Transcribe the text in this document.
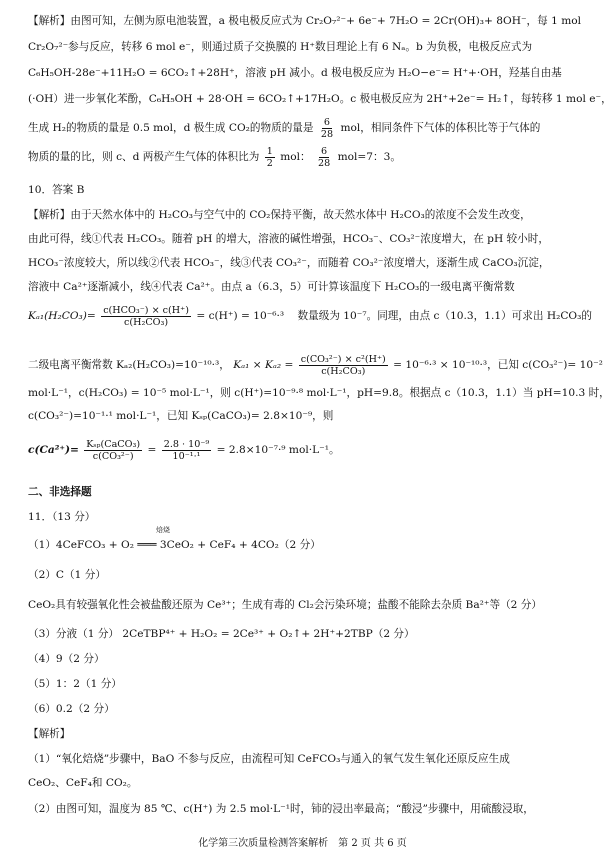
【解析】由图可知，左侧为原电池装置，a 极电极反应式为 Cr₂O₇²⁻+ 6e⁻+ 7H₂O = 2Cr(OH)₃+ 8OH⁻，每 1 mol
Cr₂O₇²⁻参与反应，转移 6 mol e⁻，则通过质子交换膜的 H⁺数目理论上有 6 Nₐ。b 为负极，电极反应式为
C₆H₅OH-28e⁻+11H₂O = 6CO₂↑+28H⁺，溶液 pH 减小。d 极电极反应为 H₂O−e⁻= H⁺+·OH，羟基自由基
(·OH）进一步氧化苯酚，C₆H₅OH + 28·OH = 6CO₂↑+17H₂O。c 极电极反应为 2H⁺+2e⁻= H₂↑，每转移 1 mol e⁻，
生成 H₂的物质的量是 0.5 mol，d 极生成 CO₂的物质的量是 $\frac{6}{28}$ mol，相同条件下气体的体积比等于气体的
物质的量的比，则 c、d 两极产生气体的体积比为 $\frac{1}{2}$ mol： $\frac{6}{28} mol=7$：3。
10．答案 B
【解析】由于天然水体中的 H₂CO₃与空气中的 CO₂保持平衡，故天然水体中 H₂CO₃的浓度不会发生改变，
由此可得，线①代表 H₂CO₃。随着 pH 的增大，溶液的碱性增强，HCO₃⁻、CO₃²⁻浓度增大，在 pH 较小时，
HCO₃⁻浓度较大，所以线②代表 HCO₃⁻，线③代表 CO₃²⁻，而随着 CO₃²⁻浓度增大，逐渐生成 CaCO₃沉淀，
溶液中 Ca²⁺逐渐减小，线④代表 Ca²⁺。由点 a（6.3，5）可计算该温度下 H₂CO₃的一级电离平衡常数
$K_{a1}(H_2CO_3)= \frac{\text{c(HCO₃⁻) × c(H⁺)}}{\text{c(H₂CO₃)}} = c(H^+) = 10^{-6}\cdot^3$ 数量级为 10⁻⁷。同理，由点 c（10.3，1.1）可求出 H₂CO₃的
二级电离平衡常数 Kₐ₂(H₂CO₃)=10⁻¹⁰·³， $K_{a1} \times K_{a2} = \frac{\text{c(CO₃²⁻) × c²(H⁺)}}{\text{c(H₂CO₃)}} = 10^{-6}\cdot^3 \times 10^{-10}\cdot^3$，已知 c(CO₃²⁻)= 10⁻²
mol·L⁻¹，c(H₂CO₃) = 10⁻⁵ mol·L⁻¹，则 c(H⁺)=10⁻⁹·⁸ mol·L⁻¹，pH=9.8。根据点 c（10.3，1.1）当 pH=10.3 时，
c(CO₃²⁻)=10⁻¹·¹ mol·L⁻¹，已知 Kₛₚ(CaCO₃)= 2.8×10⁻⁹，则
$c(Ca^{2+})= \frac{\text{Kₛₚ(CaCO₃)}}{\text{c(CO₃²⁻)}} = \frac{\text{2.8 · 10⁻⁹}}{\text{10⁻¹·¹}} = 2.8\times 10^{-7}\cdot^9$ mol·L⁻¹。
二、非选择题
11．（13 分）
焙烧
（1）4CeFCO₃ + O₂ ═══ 3CeO₂ + CeF₄ + 4CO₂（2 分）
（2）C（1 分）
CeO₂具有较强氧化性会被盐酸还原为 Ce³⁺；生成有毒的 Cl₂会污染环境；盐酸不能除去杂质 Ba²⁺等（2 分）
（3）分液（1 分） 2CeTBP⁴⁺ + H₂O₂ = 2Ce³⁺ + O₂↑+ 2H⁺+2TBP（2 分）
（4）9（2 分）
（5）1：2（1 分）
（6）0.2（2 分）
【解析】
（1）“氧化焙烧”步骤中，BaO 不参与反应，由流程可知 CeFCO₃与通入的氧气发生氧化还原反应生成
CeO₂、CeF₄和 CO₂。
（2）由图可知，温度为 85 ℃、c(H⁺) 为 2.5 mol·L⁻¹时，铈的浸出率最高；“酸浸”步骤中，用硫酸浸取，
化学第三次质量检测答案解析　第 2 页 共 6 页
